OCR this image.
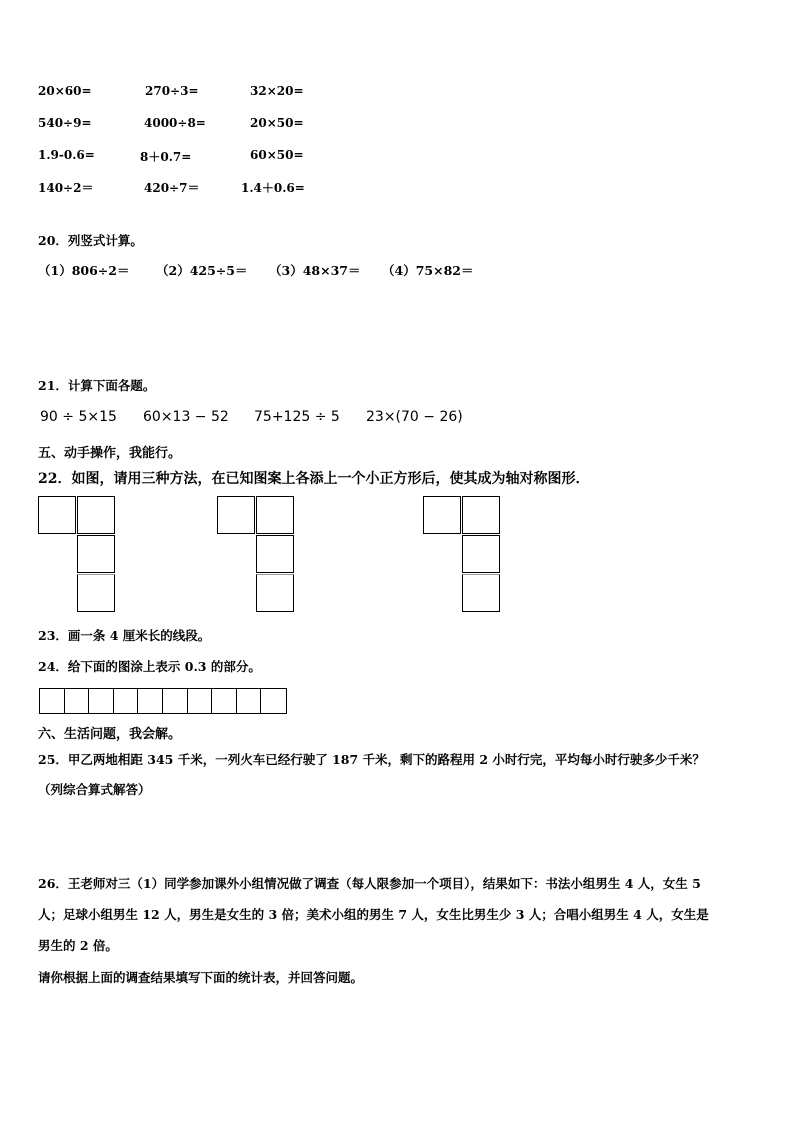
20×60=	270÷3=	32×20=
540÷9=	4000÷8=	20×50=
1.9-0.6=	8＋0.7=	60×50=
140÷2＝	420÷7＝	1.4＋0.6=
20．列竖式计算。
（1）806÷2＝ （2）425÷5＝ （3）48×37＝ （4）75×82＝
21．计算下面各题。
90 ÷ 5×15 60×13 − 52 75+125 ÷ 5 23×(70 − 26)
五、动手操作，我能行。
22．如图，请用三种方法，在已知图案上各添上一个小正方形后，使其成为轴对称图形．
23．画一条 4 厘米长的线段。
24．给下面的图涂上表示 0.3 的部分。
六、生活问题，我会解。
25．甲乙两地相距 345 千米，一列火车已经行驶了 187 千米，剩下的路程用 2 小时行完，平均每小时行驶多少千米？
（列综合算式解答）
26．王老师对三（1）同学参加课外小组情况做了调查（每人限参加一个项目），结果如下：书法小组男生 4 人，女生 5
人；足球小组男生 12 人，男生是女生的 3 倍；美术小组的男生 7 人，女生比男生少 3 人；合唱小组男生 4 人，女生是
男生的 2 倍。
请你根据上面的调查结果填写下面的统计表，并回答问题。
